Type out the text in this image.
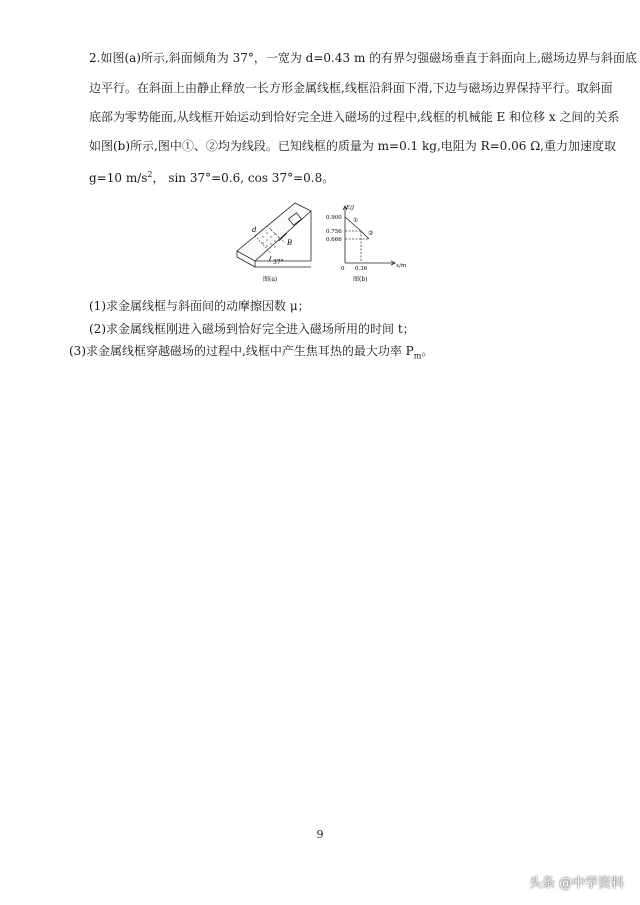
2.如图(a)所示,斜面倾角为 37°，一宽为 d=0.43 m 的有界匀强磁场垂直于斜面向上,磁场边界与斜面底
边平行。在斜面上由静止释放一长方形金属线框,线框沿斜面下滑,下边与磁场边界保持平行。取斜面
底部为零势能面,从线框开始运动到恰好完全进入磁场的过程中,线框的机械能 E 和位移 x 之间的关系
如图(b)所示,图中①、②均为线段。已知线框的质量为 m=0.1 kg,电阻为 R=0.06 Ω,重力加速度取
g=10 $m/s^2$， sin 37°=0.6, cos 37°=0.8。
d
B
37°
图(a)
E/J
x/m
0.900
0.756
0.666
0.36
0
①
②
图(b)
(1)求金属线框与斜面间的动摩擦因数 μ；
(2)求金属线框刚进入磁场到恰好完全进入磁场所用的时间 t；
(3)求金属线框穿越磁场的过程中,线框中产生焦耳热的最大功率 $P_m$。
9
头条 @中学资料
